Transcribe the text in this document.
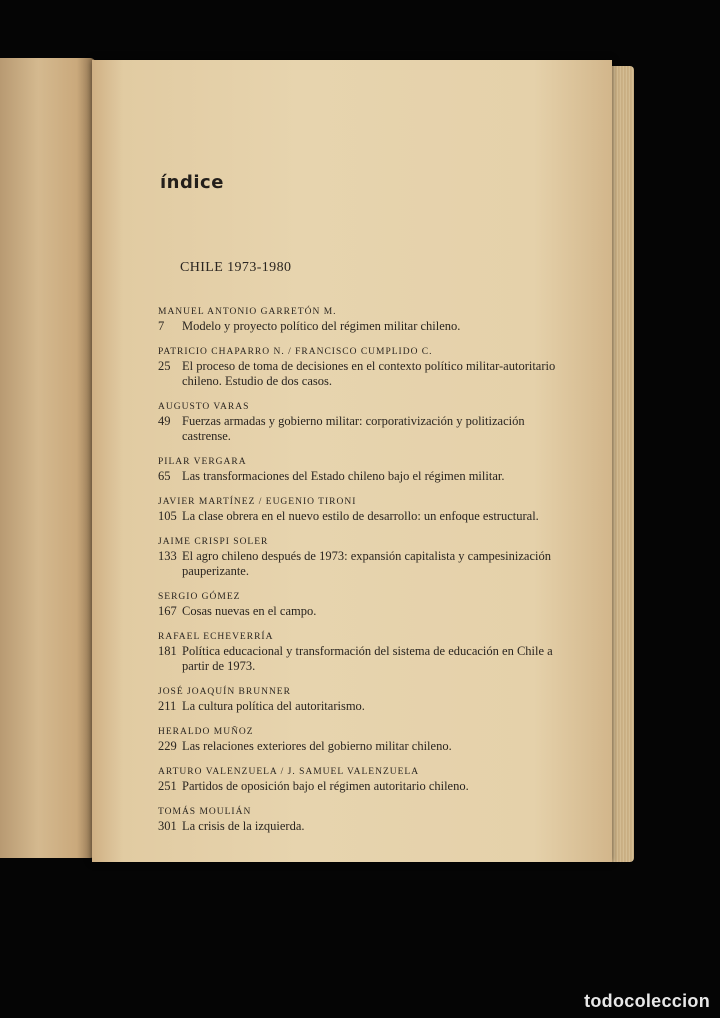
índice
CHILE 1973-1980
MANUEL ANTONIO GARRETÓN M.
7	Modelo y proyecto político del régimen militar chileno.
PATRICIO CHAPARRO N. / FRANCISCO CUMPLIDO C.
25 El proceso de toma de decisiones en el contexto político militar-autoritario chileno. Estudio de dos casos.
AUGUSTO VARAS
49 Fuerzas armadas y gobierno militar: corporativización y politización castrense.
PILAR VERGARA
65 Las transformaciones del Estado chileno bajo el régimen militar.
JAVIER MARTÍNEZ / EUGENIO TIRONI
105 La clase obrera en el nuevo estilo de desarrollo: un enfoque estructural.
JAIME CRISPI SOLER
133 El agro chileno después de 1973: expansión capitalista y campesinización pauperizante.
SERGIO GÓMEZ
167 Cosas nuevas en el campo.
RAFAEL ECHEVERRÍA
181 Política educacional y transformación del sistema de educación en Chile a partir de 1973.
JOSÉ JOAQUÍN BRUNNER
211 La cultura política del autoritarismo.
HERALDO MUÑOZ
229 Las relaciones exteriores del gobierno militar chileno.
ARTURO VALENZUELA / J. SAMUEL VALENZUELA
251 Partidos de oposición bajo el régimen autoritario chileno.
TOMÁS MOULIÁN
301 La crisis de la izquierda.
todocoleccion
